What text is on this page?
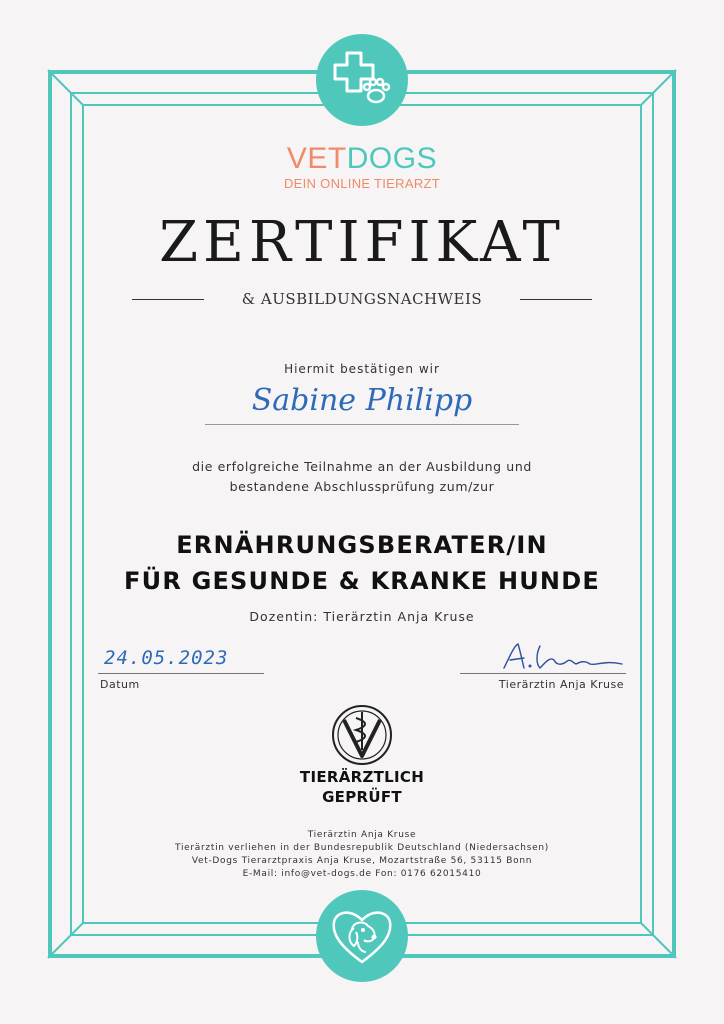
VETDOGS
DEIN ONLINE TIERARZT
ZERTIFIKAT
& AUSBILDUNGSNACHWEIS
Hiermit bestätigen wir
Sabine Philipp
die erfolgreiche Teilnahme an der Ausbildung und
bestandene Abschlussprüfung zum/zur
ERNÄHRUNGSBERATER/IN
FÜR GESUNDE & KRANKE HUNDE
Dozentin: Tierärztin Anja Kruse
24.05.2023
Datum	Tierärztin Anja Kruse
TIERÄRZTLICH
GEPRÜFT
Tierärztin Anja Kruse
Tierärztin verliehen in der Bundesrepublik Deutschland (Niedersachsen)
Vet-Dogs Tierarztpraxis Anja Kruse, Mozartstraße 56, 53115 Bonn
E-Mail: info@vet-dogs.de Fon: 0176 62015410
